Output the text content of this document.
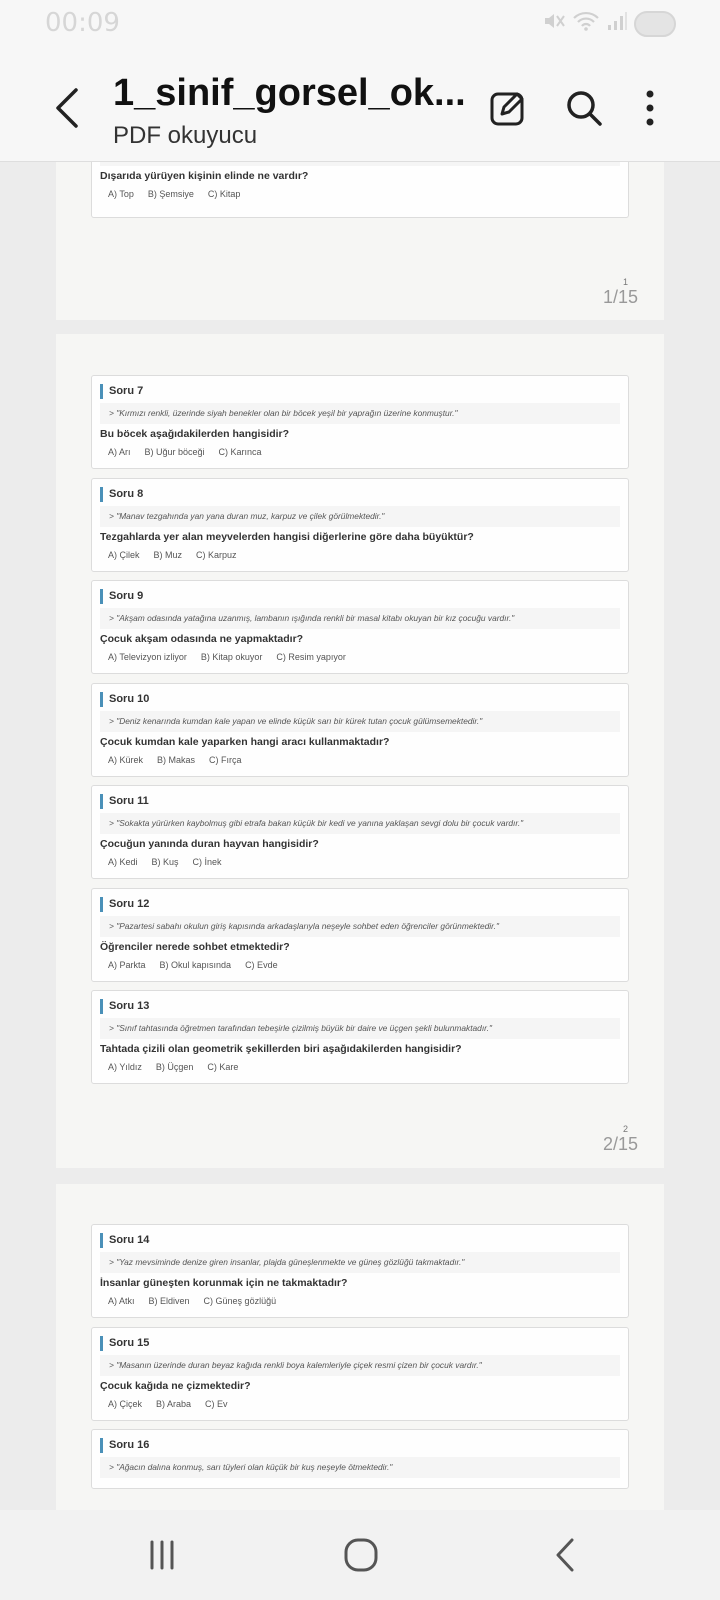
00:09
1_sinif_gorsel_ok...
PDF okuyucu
Dışarıda yürüyen kişinin elinde ne vardır?
A) Top B) Şemsiye C) Kitap
1/15
1
Soru 7
> "Kırmızı renkli, üzerinde siyah benekler olan bir böcek yeşil bir yaprağın üzerine konmuştur."
Bu böcek aşağıdakilerden hangisidir?
A) Arı B) Uğur böceği C) Karınca
Soru 8
> "Manav tezgahında yan yana duran muz, karpuz ve çilek görülmektedir."
Tezgahlarda yer alan meyvelerden hangisi diğerlerine göre daha büyüktür?
A) Çilek B) Muz C) Karpuz
Soru 9
> "Akşam odasında yatağına uzanmış, lambanın ışığında renkli bir masal kitabı okuyan bir kız çocuğu vardır."
Çocuk akşam odasında ne yapmaktadır?
A) Televizyon izliyor B) Kitap okuyor C) Resim yapıyor
Soru 10
> "Deniz kenarında kumdan kale yapan ve elinde küçük sarı bir kürek tutan çocuk gülümsemektedir."
Çocuk kumdan kale yaparken hangi aracı kullanmaktadır?
A) Kürek B) Makas C) Fırça
Soru 11
> "Sokakta yürürken kaybolmuş gibi etrafa bakan küçük bir kedi ve yanına yaklaşan sevgi dolu bir çocuk vardır."
Çocuğun yanında duran hayvan hangisidir?
A) Kedi B) Kuş C) İnek
Soru 12
> "Pazartesi sabahı okulun giriş kapısında arkadaşlarıyla neşeyle sohbet eden öğrenciler görünmektedir."
Öğrenciler nerede sohbet etmektedir?
A) Parkta B) Okul kapısında C) Evde
Soru 13
> "Sınıf tahtasında öğretmen tarafından tebeşirle çizilmiş büyük bir daire ve üçgen şekli bulunmaktadır."
Tahtada çizili olan geometrik şekillerden biri aşağıdakilerden hangisidir?
A) Yıldız B) Üçgen C) Kare
2/15
2
Soru 14
> "Yaz mevsiminde denize giren insanlar, plajda güneşlenmekte ve güneş gözlüğü takmaktadır."
İnsanlar güneşten korunmak için ne takmaktadır?
A) Atkı B) Eldiven C) Güneş gözlüğü
Soru 15
> "Masanın üzerinde duran beyaz kağıda renkli boya kalemleriyle çiçek resmi çizen bir çocuk vardır."
Çocuk kağıda ne çizmektedir?
A) Çiçek B) Araba C) Ev
Soru 16
> "Ağacın dalına konmuş, sarı tüyleri olan küçük bir kuş neşeyle ötmektedir."
